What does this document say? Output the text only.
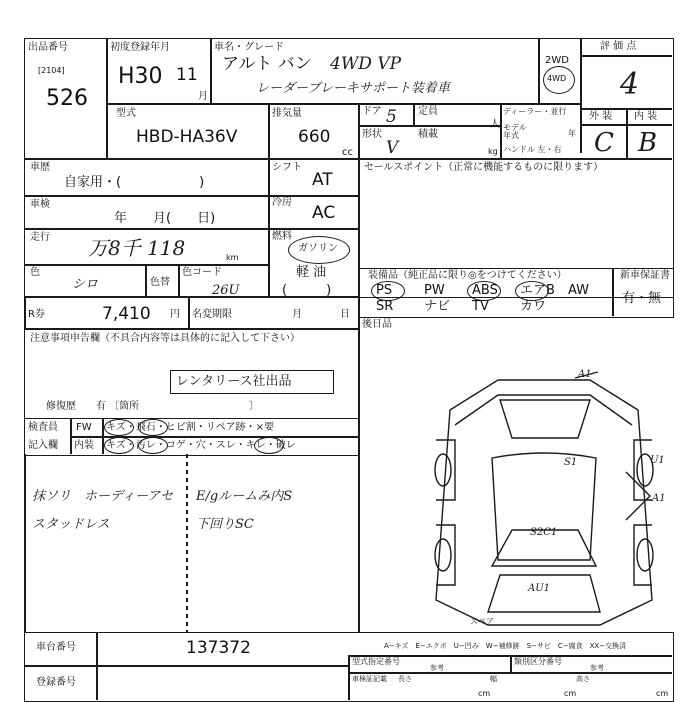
出品番号
[2104]
526
初度登録年月
H30 11
月
車名・グレード
アルト バン 4WD VP
レーダーブレーキサポート装着車
2WD
4WD
評 価 点
4
外 装 内 装
C B
型式
HBD-HA36V
排気量
660
cc
ドア 5 定員
人
形状
V
積載
kg
ディーラー・並行
モデル
年式	年
ハンドル 左・右
車歴
自家用・(　　　　　　)
車検
年　　月(　　日)
走行 万8千 118	km
色
シロ	色替
色コード
26U
シフト
AT
冷房
AC
燃料
ガソリン
軽 油
(　　　)
R券	7,410 円 名変期限	月	日
セールスポイント（正常に機能するものに限ります）
装備品（純正品に限り◎をつけてください）	新車保証書
有・無
PS PW ABS エアB AW
SR ナビ TV カワ
後日品
注意事項申告欄（不具合内容等は具体的に記入して下さい）
レンタリース社出品
修復歴　　有 〔箇所　　　　　　　　　　　〕
検査員
記入欄
FW キズ・飛石・ヒビ割・リペア跡・×要
内装 キズ・汚レ・コゲ・穴・スレ・キレ・破レ
抹ソリ　ホーディーアセ
スタッドレス
E/gルームみ内S
下回りSC
A1
S1	U1
A1
S2C1
AU1
スペア
車台番号	137372
登録番号
A−キズ　E−エクボ　U−凹み　W−補修跡　S−サビ　C−腐食　XX−交換済
型式指定番号
参考
類別区分番号
参考
車検証記載 長さ
cm
幅
cm
高さ
cm
